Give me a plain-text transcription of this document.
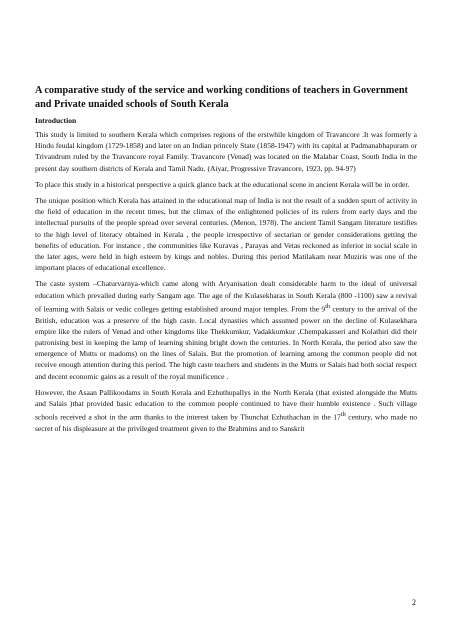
A comparative study of the service and working conditions of teachers in Government and Private unaided schools of South Kerala
Introduction

This study is limited to southern Kerala which comprises regions of the erstwhile kingdom of Travancore .It was formerly a Hindu feudal kingdom (1729-1858) and later on an Indian princely State (1858-1947) with its capital at Padmanabhapuram or Trivandrum ruled by the Travancore royal Family. Travancore (Venad) was located on the Malabar Coast, South India in the present day southern districts of Kerala and Tamil Nadu. (Aiyar, Progressive Travancore, 1923, pp. 94-97)

To place this study in a historical perspective a quick glance back at the educational scene in ancient Kerala will be in order.

The unique position which Kerala has attained in the educational map of India is not the result of a sudden spurt of activity in the field of education in the recent times, but the climax of the enlightened policies of its rulers from early days and the intellectual pursuits of the people spread over several centuries. (Menon, 1978). The ancient Tamil Sangam literature testifies to the high level of literacy obtained in Kerala , the people irrespective of sectarian or gender considerations getting the benefits of education. For instance , the communities like Kuravas , Parayas and Vetas reckoned as inferior in social scale in the later ages, were held in high esteem by kings and nobles. During this period Matilakam near Muziris was one of the important places of educational excellence.

The caste system –Chaturvarnya-which came along with Aryanisation dealt considerable harm to the ideal of universal education which prevailed during early Sangam age. The age of the Kulasekharas in South Kerala (800 -1100) saw a revival of learning with Salais or vedic colleges getting established around major temples. From the 9th century to the arrival of the British, education was a preserve of the high caste. Local dynasties which assumed power on the decline of Kulasekhara empire like the rulers of Venad and other kingdoms like Thekkumkur, Vadakkumkur ,Chempakasseri and Kolathiri did their patronising best in keeping the lamp of learning shining bright down the centuries. In North Kerala, the period also saw the emergence of Mutts or madoms) on the lines of Salais. But the promotion of learning among the common people did not receive enough attention during this period. The high caste teachers and students in the Mutts or Salais had both social respect and decent economic gains as a result of the royal munificence .

However, the Asaan Pallikoodams in South Kerala and Ezhuthupallys in the North Kerala (that existed alongside the Mutts and Salais )that provided basic education to the common people continued to have their humble existence . Such village schools received a shot in the arm thanks to the interest taken by Thunchat Ezhuthachan in the 17th century, who made no secret of his displeasure at the privileged treatment given to the Brahmins and to Sanskrit

2
